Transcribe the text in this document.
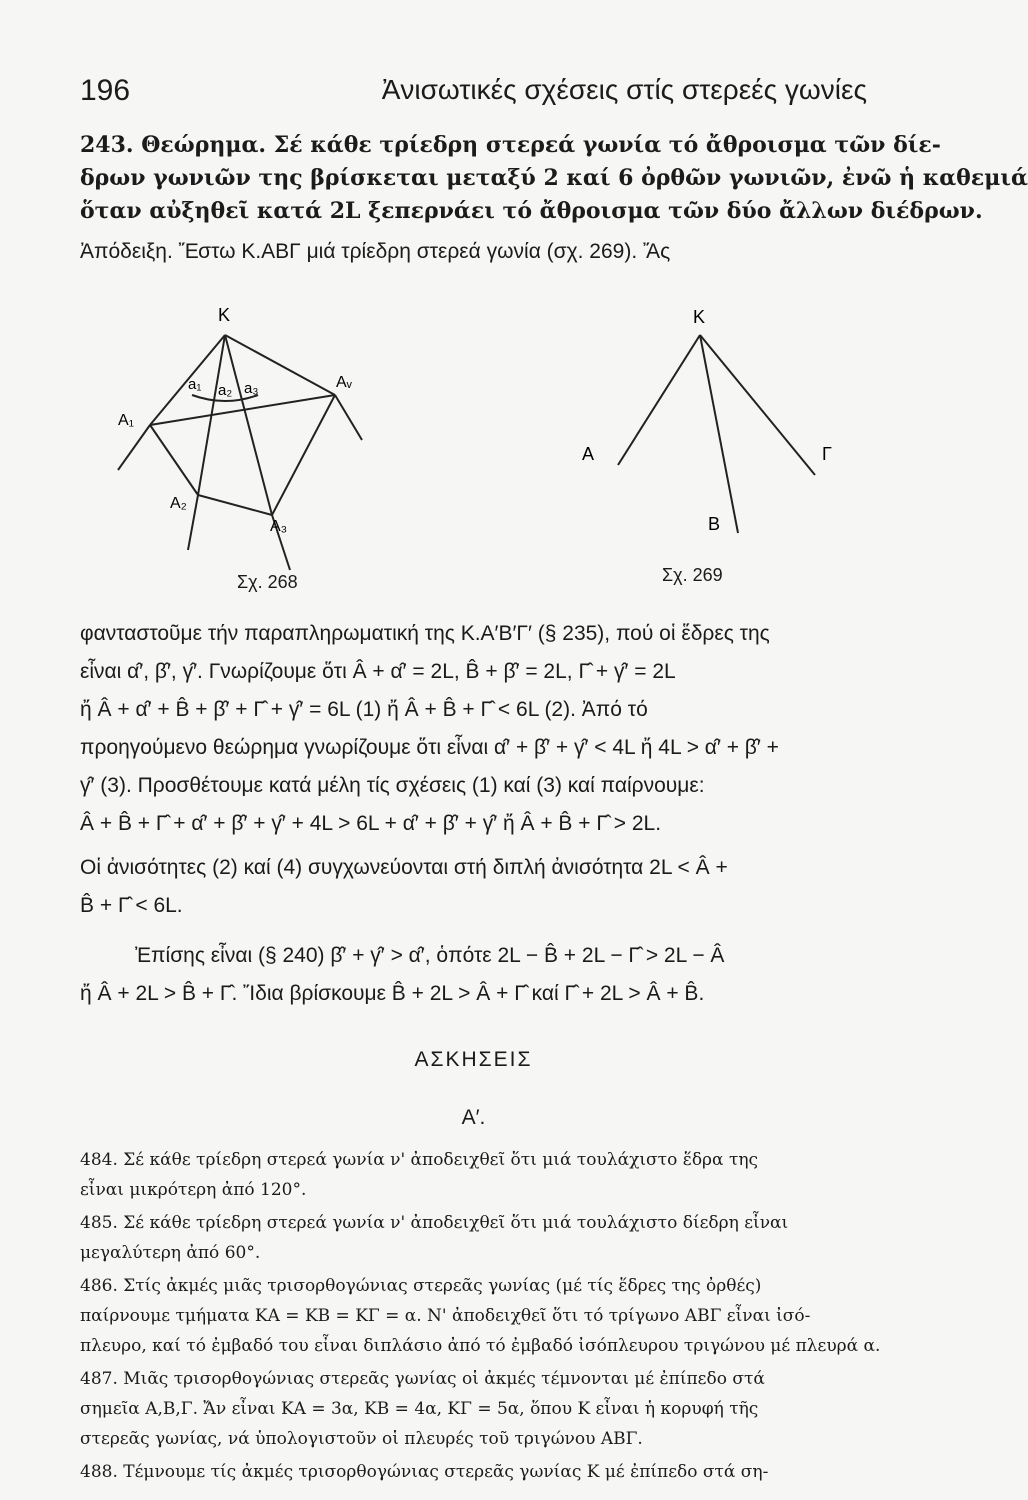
196	Ἀνισωτικές σχέσεις στίς στερεές γωνίες
243. Θεώρημα. Σέ κάθε τρίεδρη στερεά γωνία τό ἄθροισμα τῶν δίε-
δρων γωνιῶν της βρίσκεται μεταξύ 2 καί 6 ὀρθῶν γωνιῶν, ἐνῶ ἡ καθεμιά
ὅταν αὐξηθεῖ κατά 2L ξεπερνάει τό ἄθροισμα τῶν δύο ἄλλων διέδρων.
Ἀπόδειξη. Ἔστω Κ.ΑΒΓ μιά τρίεδρη στερεά γωνία (σχ. 269). Ἄς
K
A₁
A₂
A₃
Aᵥ
a₁ a₂ a₃
K
A
B
Γ
Σχ. 268	Σχ. 269
φανταστοῦμε τήν παραπληρωματική της Κ.Α′Β′Γ′ (§ 235), πού οἱ ἕδρες της
εἶναι α̂′, β̂′, γ̂′. Γνωρίζουμε ὅτι Â + α̂′ = 2L, B̂ + β̂′ = 2L, Γ̂ + γ̂′ = 2L
ἤ Â + α̂′ + B̂ + β̂′ + Γ̂ + γ̂′ = 6L (1) ἤ Â + B̂ + Γ̂ < 6L (2). Ἀπό τό
προηγούμενο θεώρημα γνωρίζουμε ὅτι εἶναι α̂′ + β̂′ + γ̂′ < 4L ἤ 4L > α̂′ + β̂′ +
γ̂′ (3). Προσθέτουμε κατά μέλη τίς σχέσεις (1) καί (3) καί παίρνουμε:
Â + B̂ + Γ̂ + α̂′ + β̂′ + γ̂′ + 4L > 6L + α̂′ + β̂′ + γ̂′ ἤ Â + B̂ + Γ̂ > 2L.
Οἱ ἀνισότητες (2) καί (4) συγχωνεύονται στή διπλή ἀνισότητα 2L < Â +
B̂ + Γ̂ < 6L.
Ἐπίσης εἶναι (§ 240) β̂′ + γ̂′ > α̂′, ὁπότε 2L − B̂ + 2L − Γ̂ > 2L − Â
ἤ Â + 2L > B̂ + Γ̂. Ἴδια βρίσκουμε B̂ + 2L > Â + Γ̂ καί Γ̂ + 2L > Â + B̂.
ΑΣΚΗΣΕΙΣ
Α′.
484. Σέ κάθε τρίεδρη στερεά γωνία ν' ἀποδειχθεῖ ὅτι μιά τουλάχιστο ἕδρα της
εἶναι μικρότερη ἀπό 120°.
485. Σέ κάθε τρίεδρη στερεά γωνία ν' ἀποδειχθεῖ ὅτι μιά τουλάχιστο δίεδρη εἶναι
μεγαλύτερη ἀπό 60°.
486. Στίς ἀκμές μιᾶς τρισορθογώνιας στερεᾶς γωνίας (μέ τίς ἕδρες της ὀρθές)
παίρνουμε τμήματα ΚΑ = ΚΒ = ΚΓ = α. Ν' ἀποδειχθεῖ ὅτι τό τρίγωνο ΑΒΓ εἶναι ἰσό-
πλευρο, καί τό ἐμβαδό του εἶναι διπλάσιο ἀπό τό ἐμβαδό ἰσόπλευρου τριγώνου μέ πλευρά α.
487. Μιᾶς τρισορθογώνιας στερεᾶς γωνίας οἱ ἀκμές τέμνονται μέ ἐπίπεδο στά
σημεῖα Α,Β,Γ. Ἄν εἶναι ΚΑ = 3α, ΚΒ = 4α, ΚΓ = 5α, ὅπου Κ εἶναι ἡ κορυφή τῆς
στερεᾶς γωνίας, νά ὑπολογιστοῦν οἱ πλευρές τοῦ τριγώνου ΑΒΓ.
488. Τέμνουμε τίς ἀκμές τρισορθογώνιας στερεᾶς γωνίας Κ μέ ἐπίπεδο στά ση-
